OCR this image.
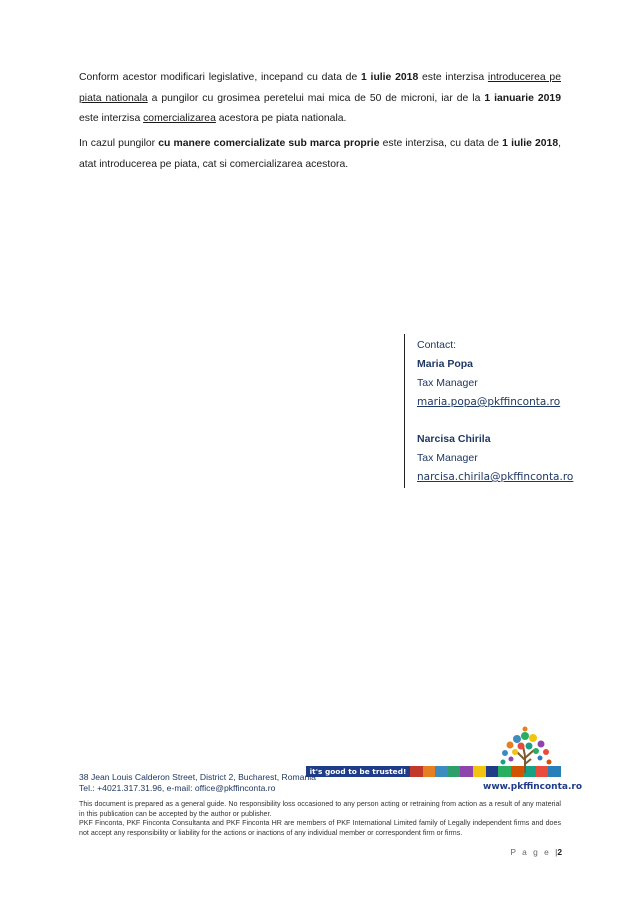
Conform acestor modificari legislative, incepand cu data de 1 iulie 2018 este interzisa introducerea pe piata nationala a pungilor cu grosimea peretelui mai mica de 50 de microni, iar de la 1 ianuarie 2019 este interzisa comercializarea acestora pe piata nationala.

In cazul pungilor cu manere comercializate sub marca proprie este interzisa, cu data de 1 iulie 2018, atat introducerea pe piata, cat si comercializarea acestora.

Contact:
Maria Popa
Tax Manager
maria.popa@pkffinconta.ro
Narcisa Chirila
Tax Manager
narcisa.chirila@pkffinconta.ro
it's good to be trusted!
38 Jean Louis Calderon Street, District 2, Bucharest, Romania
Tel.: +4021.317.31.96, e-mail: office@pkffinconta.ro	www.pkffinconta.ro

This document is prepared as a general guide. No responsibility loss occasioned to any person acting or retraining from action as a result of any material in this publication can be accepted by the author or publisher.

PKF Finconta, PKF Finconta Consultanta and PKF Finconta HR are members of PKF International Limited family of Legally independent firms and does not accept any responsibility or liability for the actions or inactions of any individual member or correspondent firm or firms.

P a g e |2
